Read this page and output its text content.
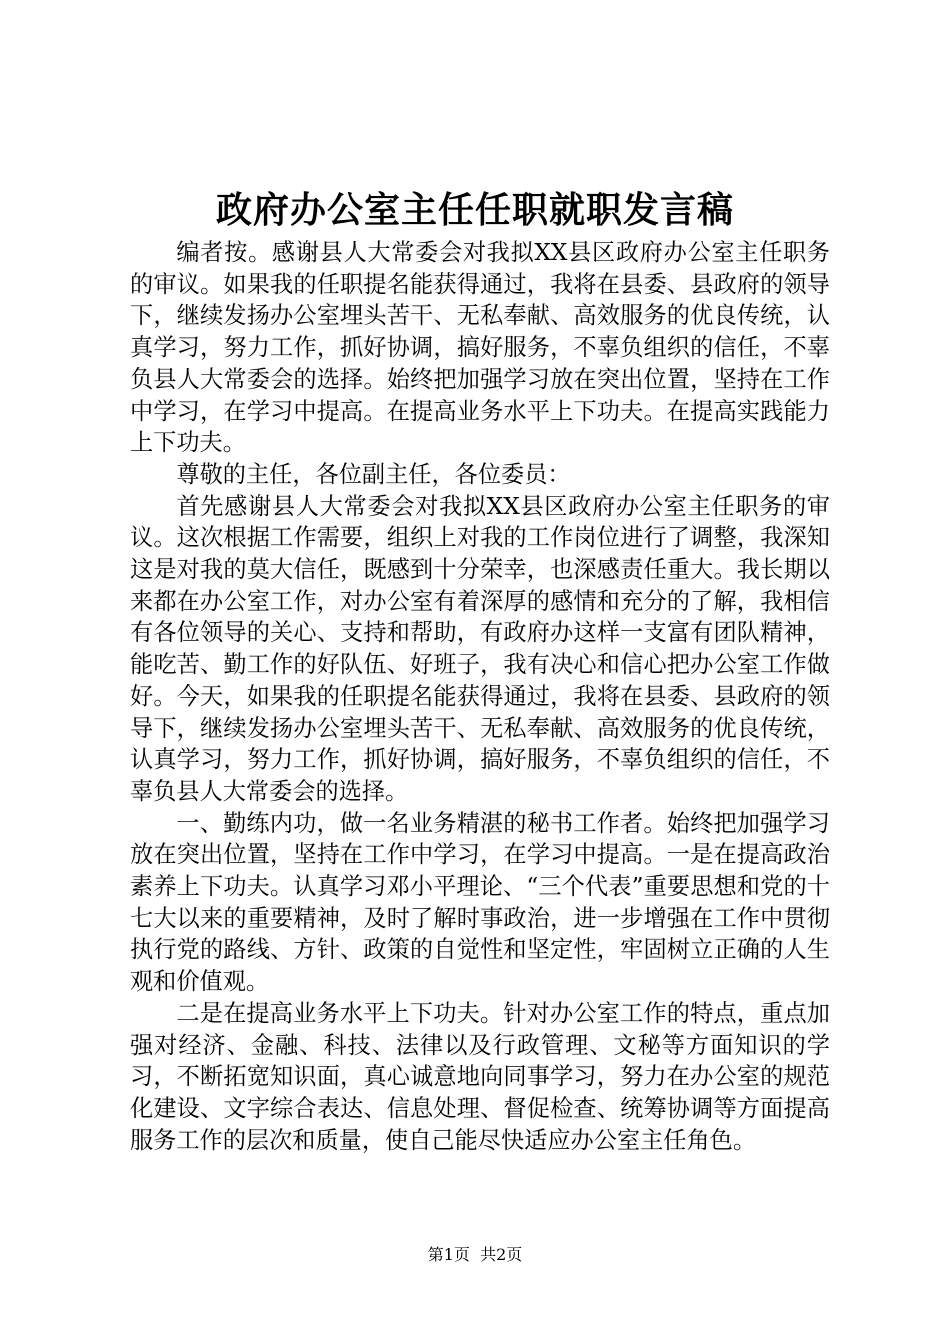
政府办公室主任任职就职发言稿

编者按。感谢县人大常委会对我拟XX县区政府办公室主任职务的审议。如果我的任职提名能获得通过，我将在县委、县政府的领导下，继续发扬办公室埋头苦干、无私奉献、高效服务的优良传统，认真学习，努力工作，抓好协调，搞好服务，不辜负组织的信任，不辜负县人大常委会的选择。始终把加强学习放在突出位置，坚持在工作中学习，在学习中提高。在提高业务水平上下功夫。在提高实践能力上下功夫。

尊敬的主任，各位副主任，各位委员：

首先感谢县人大常委会对我拟XX县区政府办公室主任职务的审议。这次根据工作需要，组织上对我的工作岗位进行了调整，我深知这是对我的莫大信任，既感到十分荣幸，也深感责任重大。我长期以来都在办公室工作，对办公室有着深厚的感情和充分的了解，我相信有各位领导的关心、支持和帮助，有政府办这样一支富有团队精神，能吃苦、勤工作的好队伍、好班子，我有决心和信心把办公室工作做好。今天，如果我的任职提名能获得通过，我将在县委、县政府的领导下，继续发扬办公室埋头苦干、无私奉献、高效服务的优良传统，认真学习，努力工作，抓好协调，搞好服务，不辜负组织的信任，不辜负县人大常委会的选择。

一、勤练内功，做一名业务精湛的秘书工作者。始终把加强学习放在突出位置，坚持在工作中学习，在学习中提高。一是在提高政治素养上下功夫。认真学习邓小平理论、“三个代表”重要思想和党的十七大以来的重要精神，及时了解时事政治，进一步增强在工作中贯彻执行党的路线、方针、政策的自觉性和坚定性，牢固树立正确的人生观和价值观。

二是在提高业务水平上下功夫。针对办公室工作的特点，重点加强对经济、金融、科技、法律以及行政管理、文秘等方面知识的学习，不断拓宽知识面，真心诚意地向同事学习，努力在办公室的规范化建设、文字综合表达、信息处理、督促检查、统筹协调等方面提高服务工作的层次和质量，使自己能尽快适应办公室主任角色。

第1页 共2页
